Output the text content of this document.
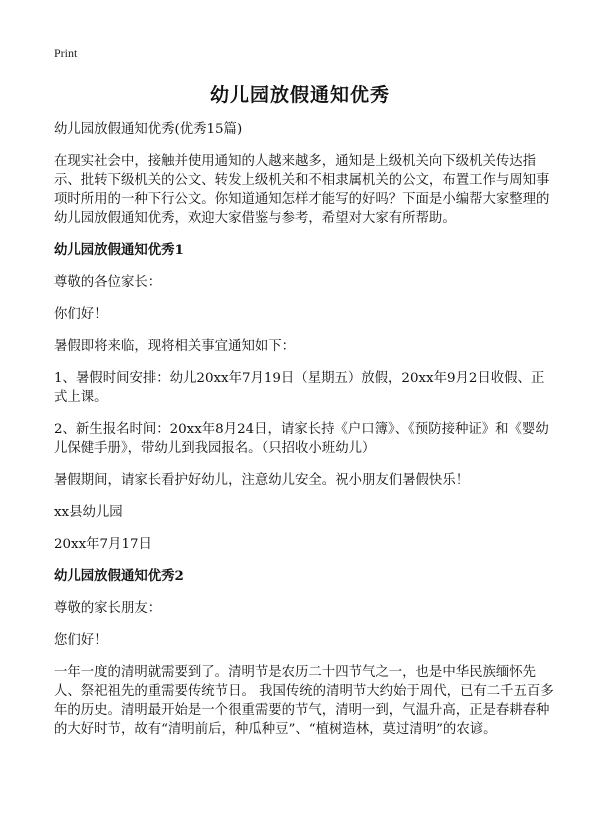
Print
幼儿园放假通知优秀

幼儿园放假通知优秀(优秀15篇)

在现实社会中，接触并使用通知的人越来越多，通知是上级机关向下级机关传达指示、批转下级机关的公文、转发上级机关和不相隶属机关的公文，布置工作与周知事项时所用的一种下行公文。你知道通知怎样才能写的好吗？下面是小编帮大家整理的幼儿园放假通知优秀，欢迎大家借鉴与参考，希望对大家有所帮助。

幼儿园放假通知优秀1

尊敬的各位家长：

你们好！

暑假即将来临，现将相关事宜通知如下：

1、暑假时间安排：幼儿20xx年7月19日（星期五）放假，20xx年9月2日收假、正式上课。

2、新生报名时间：20xx年8月24日，请家长持《户口簿》、《预防接种证》和《婴幼儿保健手册》，带幼儿到我园报名。（只招收小班幼儿）

暑假期间，请家长看护好幼儿，注意幼儿安全。祝小朋友们暑假快乐！

xx县幼儿园

20xx年7月17日

幼儿园放假通知优秀2

尊敬的家长朋友：

您们好！

一年一度的清明就需要到了。清明节是农历二十四节气之一，也是中华民族缅怀先人、祭祀祖先的重需要传统节日。 我国传统的清明节大约始于周代，已有二千五百多年的历史。清明最开始是一个很重需要的节气，清明一到，气温升高，正是春耕春种的大好时节，故有“清明前后，种瓜种豆”、“植树造林，莫过清明”的农谚。
